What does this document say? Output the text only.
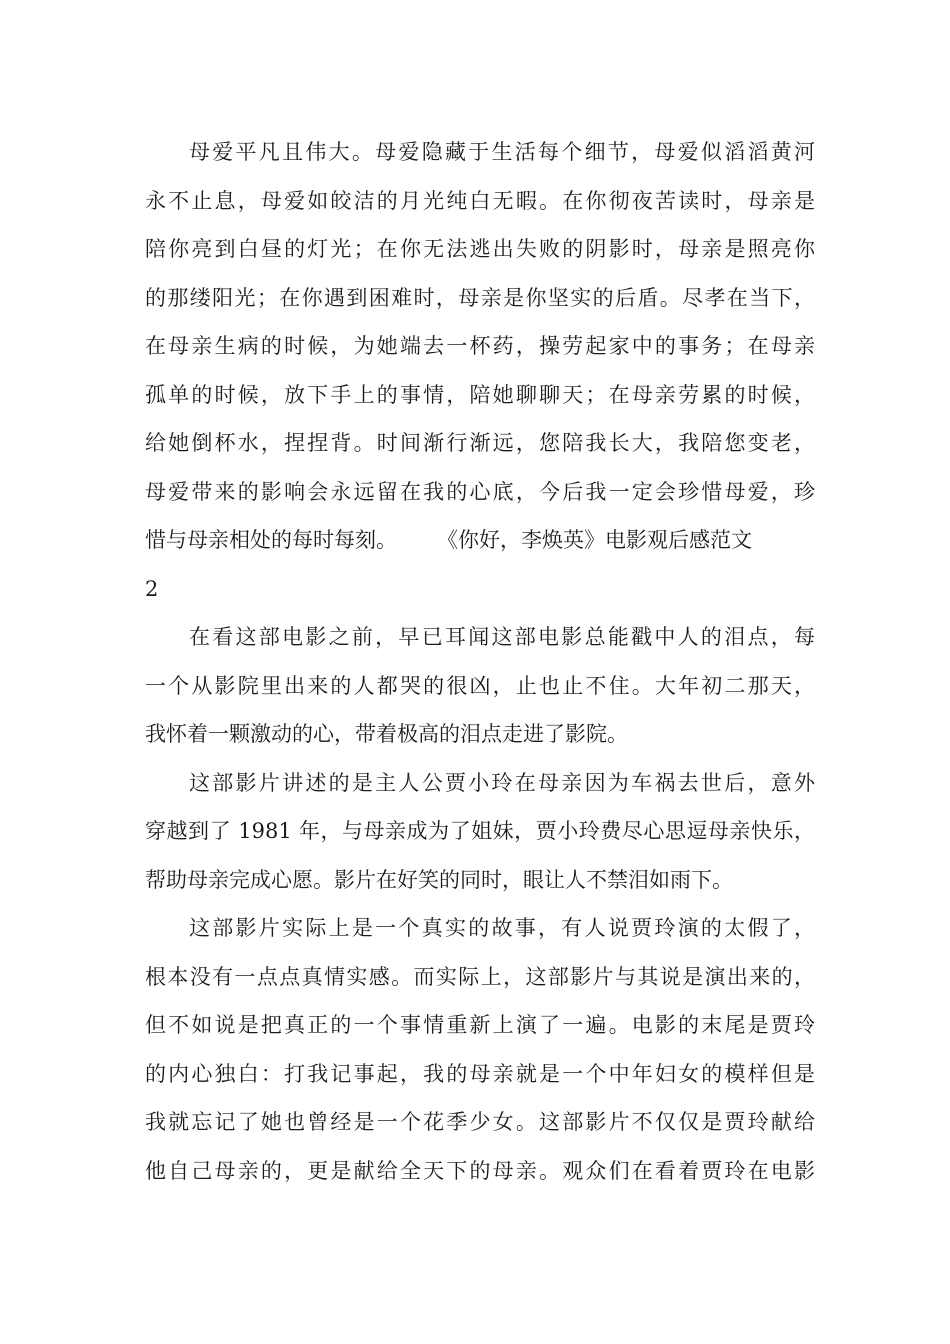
母爱平凡且伟大。母爱隐藏于生活每个细节，母爱似滔滔黄河
永不止息，母爱如皎洁的月光纯白无暇。在你彻夜苦读时，母亲是
陪你亮到白昼的灯光；在你无法逃出失败的阴影时，母亲是照亮你
的那缕阳光；在你遇到困难时，母亲是你坚实的后盾。尽孝在当下，
在母亲生病的时候，为她端去一杯药，操劳起家中的事务；在母亲
孤单的时候，放下手上的事情，陪她聊聊天；在母亲劳累的时候，
给她倒杯水，捏捏背。时间渐行渐远，您陪我长大，我陪您变老，
母爱带来的影响会永远留在我的心底，今后我一定会珍惜母爱，珍
惜与母亲相处的每时每刻。 《你好，李焕英》电影观后感范文
2
在看这部电影之前，早已耳闻这部电影总能戳中人的泪点，每
一个从影院里出来的人都哭的很凶，止也止不住。大年初二那天，
我怀着一颗激动的心，带着极高的泪点走进了影院。
这部影片讲述的是主人公贾小玲在母亲因为车祸去世后，意外
穿越到了 1981 年，与母亲成为了姐妹，贾小玲费尽心思逗母亲快乐，
帮助母亲完成心愿。影片在好笑的同时，眼让人不禁泪如雨下。
这部影片实际上是一个真实的故事，有人说贾玲演的太假了，
根本没有一点点真情实感。而实际上，这部影片与其说是演出来的，
但不如说是把真正的一个事情重新上演了一遍。电影的末尾是贾玲
的内心独白：打我记事起，我的母亲就是一个中年妇女的模样但是
我就忘记了她也曾经是一个花季少女。这部影片不仅仅是贾玲献给
他自己母亲的，更是献给全天下的母亲。观众们在看着贾玲在电影
